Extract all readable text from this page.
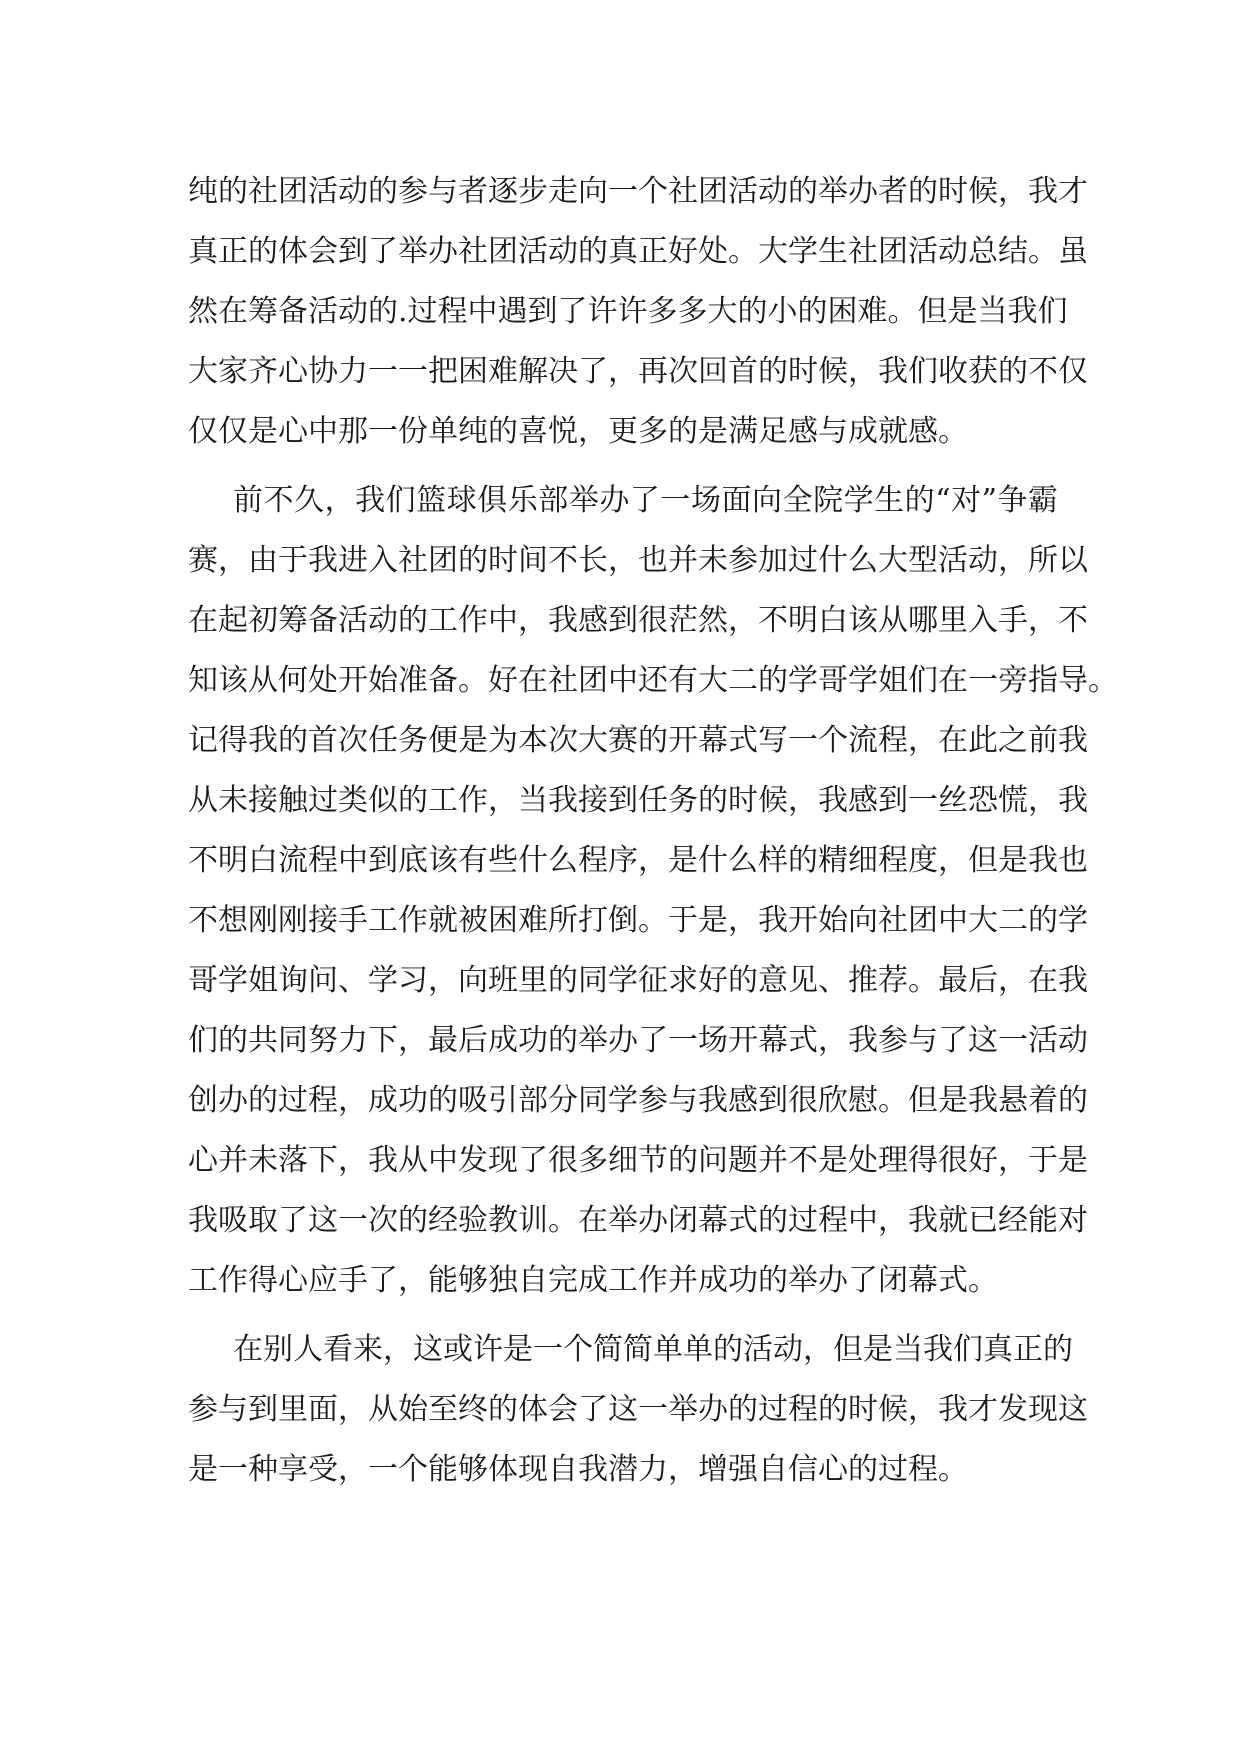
纯的社团活动的参与者逐步走向一个社团活动的举办者的时候，我才
真正的体会到了举办社团活动的真正好处。大学生社团活动总结。虽
然在筹备活动的.过程中遇到了许许多多大的小的困难。但是当我们
大家齐心协力一一把困难解决了，再次回首的时候，我们收获的不仅
仅仅是心中那一份单纯的喜悦，更多的是满足感与成就感。
前不久，我们篮球俱乐部举办了一场面向全院学生的“对”争霸
赛，由于我进入社团的时间不长，也并未参加过什么大型活动，所以
在起初筹备活动的工作中，我感到很茫然，不明白该从哪里入手，不
知该从何处开始准备。好在社团中还有大二的学哥学姐们在一旁指导。
记得我的首次任务便是为本次大赛的开幕式写一个流程，在此之前我
从未接触过类似的工作，当我接到任务的时候，我感到一丝恐慌，我
不明白流程中到底该有些什么程序，是什么样的精细程度，但是我也
不想刚刚接手工作就被困难所打倒。于是，我开始向社团中大二的学
哥学姐询问、学习，向班里的同学征求好的意见、推荐。最后，在我
们的共同努力下，最后成功的举办了一场开幕式，我参与了这一活动
创办的过程，成功的吸引部分同学参与我感到很欣慰。但是我悬着的
心并未落下，我从中发现了很多细节的问题并不是处理得很好，于是
我吸取了这一次的经验教训。在举办闭幕式的过程中，我就已经能对
工作得心应手了，能够独自完成工作并成功的举办了闭幕式。
在别人看来，这或许是一个简简单单的活动，但是当我们真正的
参与到里面，从始至终的体会了这一举办的过程的时候，我才发现这
是一种享受，一个能够体现自我潜力，增强自信心的过程。
